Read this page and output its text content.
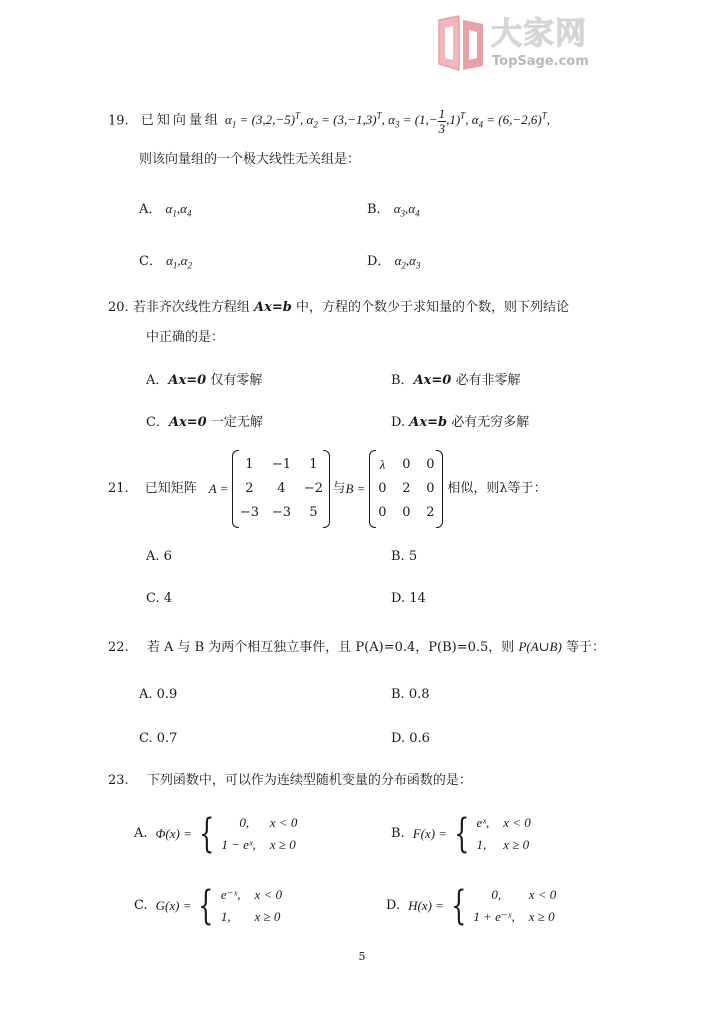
大家网
TopSage.com
19. 已知向量组 $\alpha_1 = (3,2,-5)^T$, $\alpha_2 = (3,-1,3)^T$, $\alpha_3 = (1,- \frac{1}{3} ,1)^T$, $\alpha_4 = (6,-2,6)^T$,
则该向量组的一个极大线性无关组是：
A． $\alpha_1,\alpha_4$	B． $\alpha_3,\alpha_4$
C． $\alpha_1,\alpha_2$	D． $\alpha_2,\alpha_3$
20. 若非齐次线性方程组 Ax=b 中，方程的个数少于求知量的个数，则下列结论
中正确的是：
A．Ax=0 仅有零解	B．Ax=0 必有非零解
C．Ax=0 一定无解	D. Ax=b 必有无穷多解
21. 已知矩阵 A =
1	−1	1
2	4	−2
−3 −3	5
与 B =
λ	0 0
0 2 0
0 0 2
相似，则λ等于：
A. 6	B. 5
C. 4	D. 14
22. 若 A 与 B 为两个相互独立事件，且 P(A)=0.4，P(B)=0.5，则 P(A∪B) 等于：
A. 0.9	B. 0.8
C. 0.7	D. 0.6
23. 下列函数中，可以作为连续型随机变量的分布函数的是：
A. Φ(x) = {	0,	x < 0
1 − eˣ, x ≥ 0
B. F(x) = { eˣ, x < 0
1, x ≥ 0
C. G(x) = { e⁻ˣ, x < 0
1,	x ≥ 0
D. H(x) = {	0,	x < 0
1 + e⁻ˣ, x ≥ 0
5
